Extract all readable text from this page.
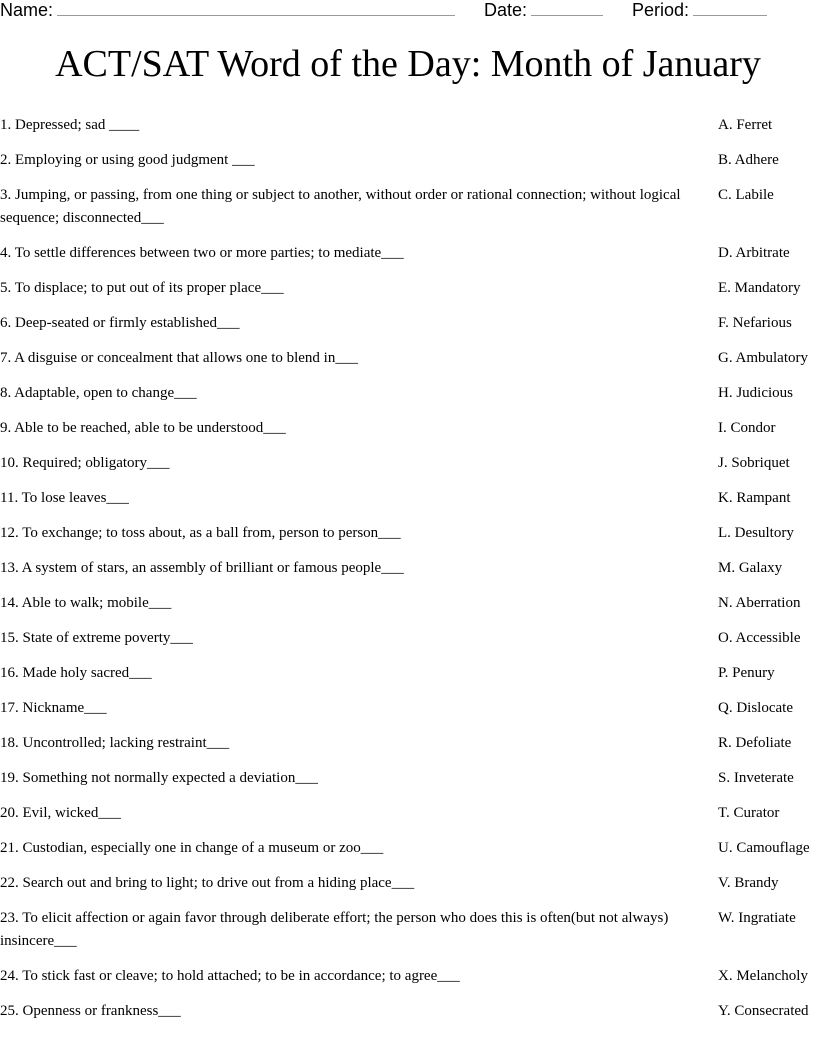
Name:	Date:	Period:
ACT/SAT Word of the Day: Month of January
1. Depressed; sad ____	A. Ferret
2. Employing or using good judgment ___	B. Adhere
3. Jumping, or passing, from one thing or subject to another, without order or rational connection; without logical sequence; disconnected___
C. Labile
4. To settle differences between two or more parties; to mediate___	D. Arbitrate
5. To displace; to put out of its proper place___	E. Mandatory
6. Deep-seated or firmly established___	F. Nefarious
7. A disguise or concealment that allows one to blend in___	G. Ambulatory
8. Adaptable, open to change___	H. Judicious
9. Able to be reached, able to be understood___	I. Condor
10. Required; obligatory___	J. Sobriquet
11. To lose leaves___	K. Rampant
12. To exchange; to toss about, as a ball from, person to person___	L. Desultory
13. A system of stars, an assembly of brilliant or famous people___	M. Galaxy
14. Able to walk; mobile___	N. Aberration
15. State of extreme poverty___	O. Accessible
16. Made holy sacred___	P. Penury
17. Nickname___	Q. Dislocate
18. Uncontrolled; lacking restraint___	R. Defoliate
19. Something not normally expected a deviation___	S. Inveterate
20. Evil, wicked___	T. Curator
21. Custodian, especially one in change of a museum or zoo___	U. Camouflage
22. Search out and bring to light; to drive out from a hiding place___	V. Brandy
23. To elicit affection or again favor through deliberate effort; the person who does this is often(but not always) insincere___
W. Ingratiate
24. To stick fast or cleave; to hold attached; to be in accordance; to agree___	X. Melancholy
25. Openness or frankness___	Y. Consecrated
